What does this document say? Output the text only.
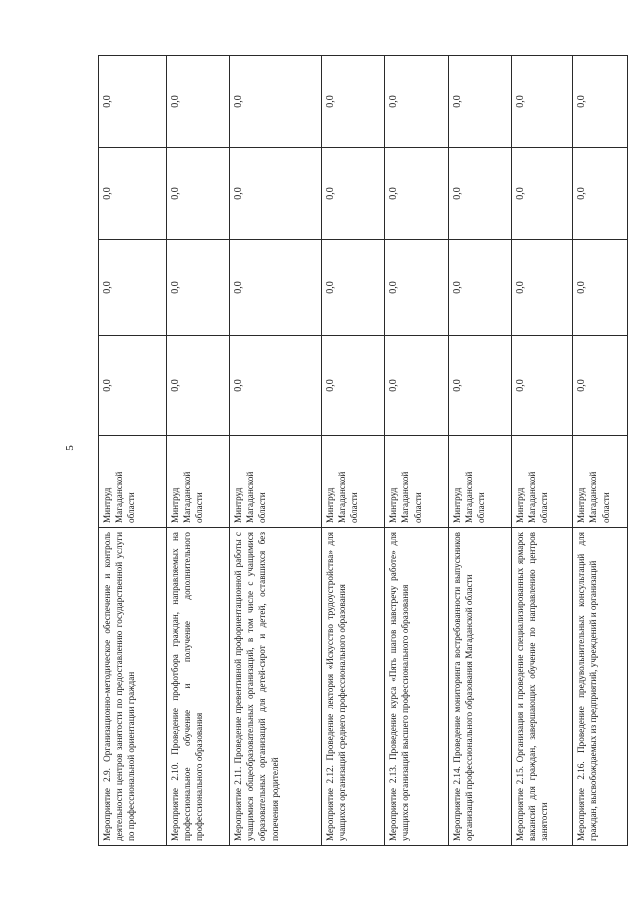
5
Мероприятие 2.9. Организационно-методическое обеспечение и контроль деятельности центров занятости по предоставлению государственной услуги по профессиональной ориентации граждан	Минтруд Магаданской области	0,0	0,0	0,0	0,0
Мероприятие 2.10. Проведение профотбора граждан, направляемых на профессиональное обучение и получение дополнительного профессионального образования	Минтруд Магаданской области	0,0	0,0	0,0	0,0
Мероприятие 2.11. Проведение превентивной профориентационной работы с учащимися общеобразовательных организаций, в том числе с учащимися образовательных организаций для детей-сирот и детей, оставшихся без попечения родителей	Минтруд Магаданской области	0,0	0,0	0,0	0,0
Мероприятие 2.12. Проведение лектория «Искусство трудоустройства» для учащихся организаций среднего профессионального образования	Минтруд Магаданской области	0,0	0,0	0,0	0,0
Мероприятие 2.13. Проведение курса «Пять шагов навстречу работе» для учащихся организаций высшего профессионального образования	Минтруд Магаданской области	0,0	0,0	0,0	0,0
Мероприятие 2.14. Проведение мониторинга востребованности выпускников организаций профессионального образования Магаданской области	Минтруд Магаданской области	0,0	0,0	0,0	0,0
Мероприятие 2.15. Организация и проведение специализированных ярмарок вакансий для граждан, завершающих обучение по направлению центров занятости	Минтруд Магаданской области	0,0	0,0	0,0	0,0
Мероприятие 2.16. Проведение предувольнительных консультаций для граждан, высвобождаемых из предприятий, учреждений и организаций	Минтруд Магаданской области	0,0	0,0	0,0	0,0
